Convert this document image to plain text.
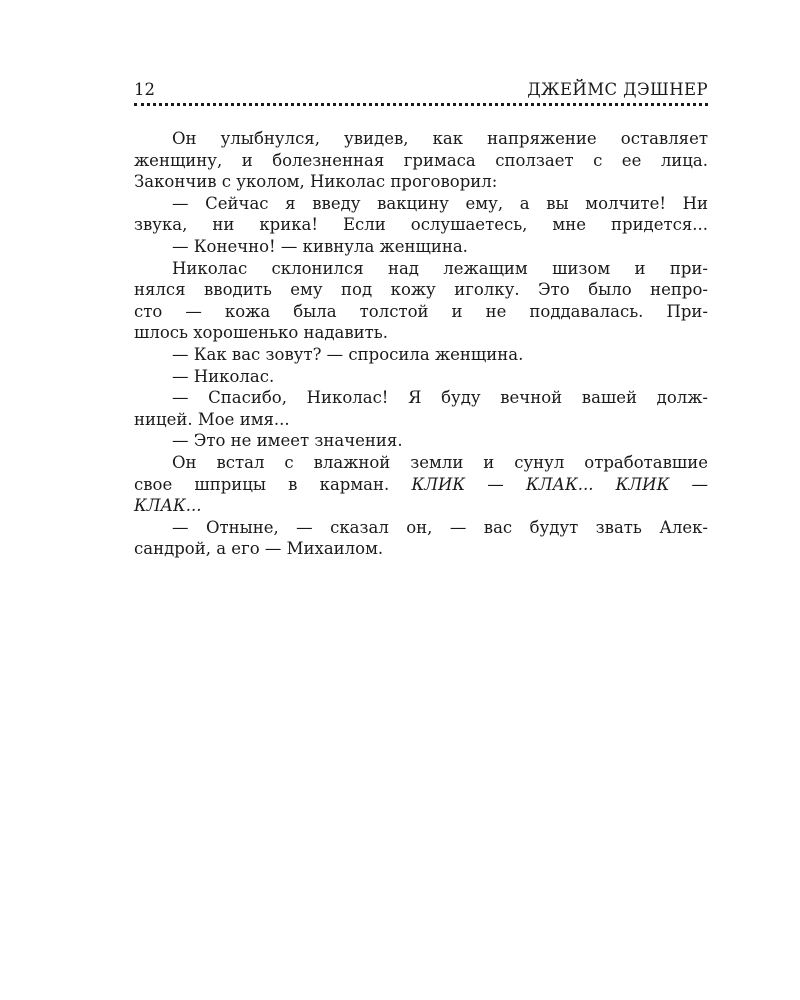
12	ДЖЕЙМС ДЭШНЕР
Он улыбнулся, увидев, как напряжение оставляет
женщину, и болезненная гримаса сползает с ее лица.
Закончив с уколом, Николас проговорил:
— Сейчас я введу вакцину ему, а вы молчите! Ни
звука, ни крика! Если ослушаетесь, мне придется...
— Конечно! — кивнула женщина.
Николас склонился над лежащим шизом и при-
нялся вводить ему под кожу иголку. Это было непро-
сто — кожа была толстой и не поддавалась. При-
шлось хорошенько надавить.
— Как вас зовут? — спросила женщина.
— Николас.
— Спасибо, Николас! Я буду вечной вашей долж-
ницей. Мое имя...
— Это не имеет значения.
Он встал с влажной земли и сунул отработавшие
свое шприцы в карман. КЛИК — КЛАК... КЛИК —
КЛАК...
— Отныне, — сказал он, — вас будут звать Алек-
сандрой, а его — Михаилом.
